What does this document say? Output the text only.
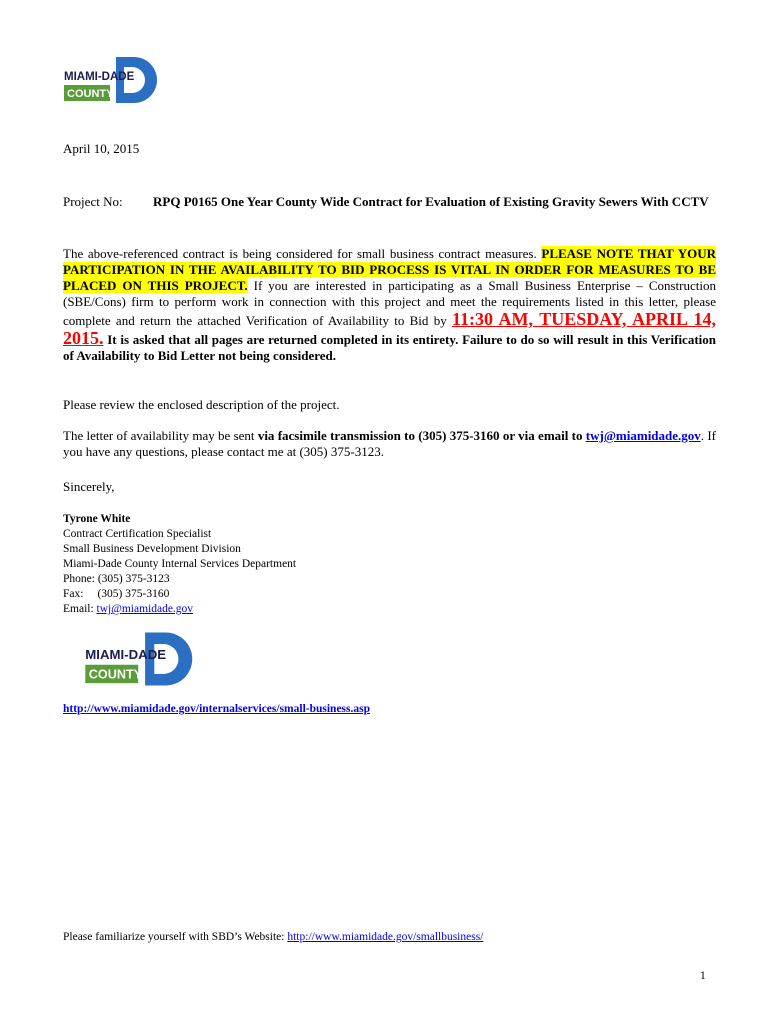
MIAMI-DADE
COUNTY
April 10, 2015
Project No: RPQ P0165 One Year County Wide Contract for Evaluation of Existing Gravity Sewers With CCTV
The above-referenced contract is being considered for small business contract measures. PLEASE NOTE THAT YOUR PARTICIPATION IN THE AVAILABILITY TO BID PROCESS IS VITAL IN ORDER FOR MEASURES TO BE PLACED ON THIS PROJECT. If you are interested in participating as a Small Business Enterprise – Construction (SBE/Cons) firm to perform work in connection with this project and meet the requirements listed in this letter, please complete and return the attached Verification of Availability to Bid by 11:30 AM, TUESDAY, APRIL 14, 2015. It is asked that all pages are returned completed in its entirety. Failure to do so will result in this Verification of Availability to Bid Letter not being considered.
Please review the enclosed description of the project.
The letter of availability may be sent via facsimile transmission to (305) 375-3160 or via email to twj@miamidade.gov. If you have any questions, please contact me at (305) 375-3123.
Sincerely,
Tyrone White
Contract Certification Specialist
Small Business Development Division
Miami-Dade County Internal Services Department
Phone: (305) 375-3123
Fax: (305) 375-3160
Email: twj@miamidade.gov
MIAMI-DADE
COUNTY
http://www.miamidade.gov/internalservices/small-business.asp
Please familiarize yourself with SBD’s Website: http://www.miamidade.gov/smallbusiness/
1
